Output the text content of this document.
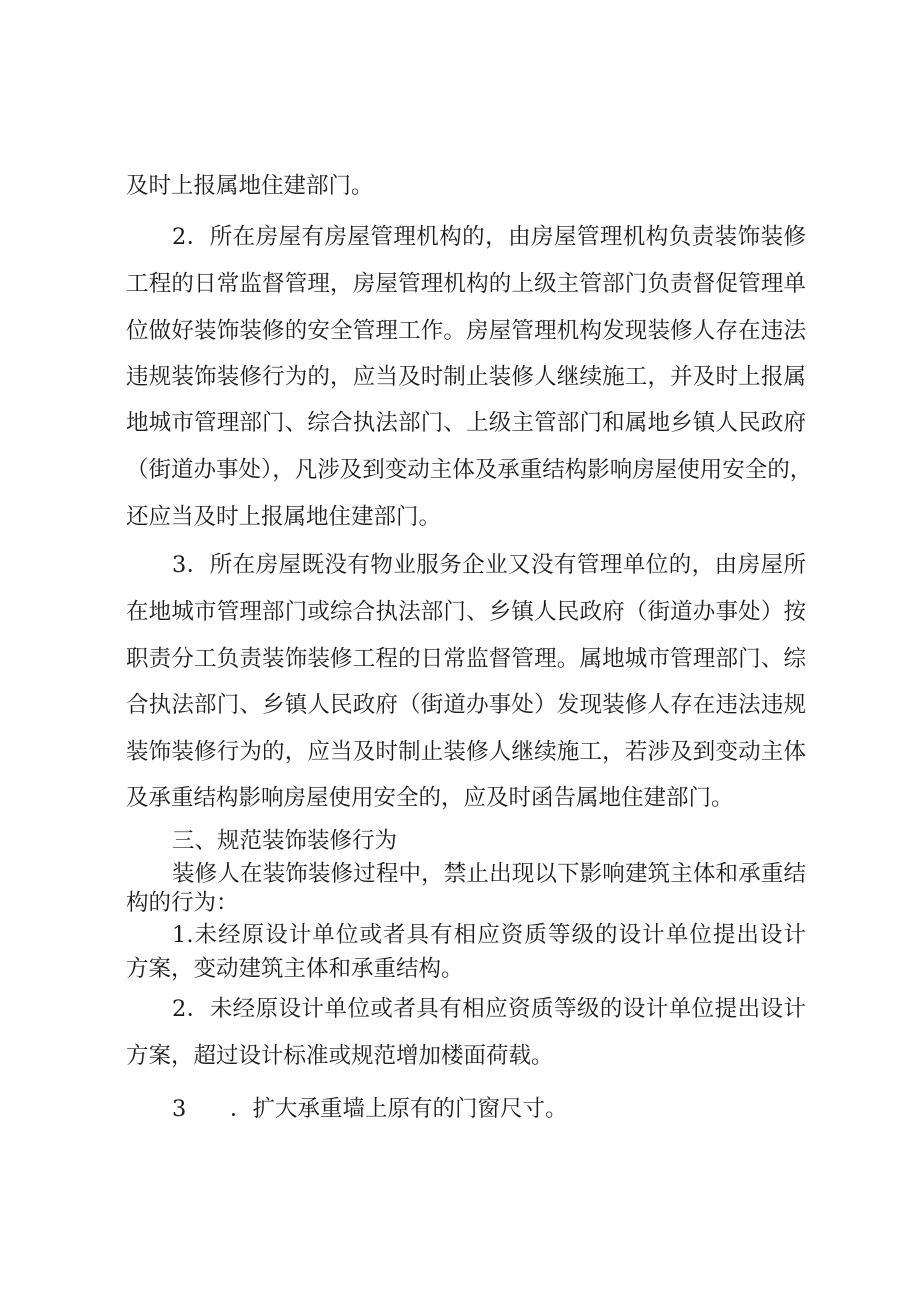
及时上报属地住建部门。

2．所在房屋有房屋管理机构的，由房屋管理机构负责装饰装修

工程的日常监督管理，房屋管理机构的上级主管部门负责督促管理单

位做好装饰装修的安全管理工作。房屋管理机构发现装修人存在违法

违规装饰装修行为的，应当及时制止装修人继续施工，并及时上报属

地城市管理部门、综合执法部门、上级主管部门和属地乡镇人民政府

（街道办事处），凡涉及到变动主体及承重结构影响房屋使用安全的，

还应当及时上报属地住建部门。

3．所在房屋既没有物业服务企业又没有管理单位的，由房屋所

在地城市管理部门或综合执法部门、乡镇人民政府（街道办事处）按

职责分工负责装饰装修工程的日常监督管理。属地城市管理部门、综

合执法部门、乡镇人民政府（街道办事处）发现装修人存在违法违规

装饰装修行为的，应当及时制止装修人继续施工，若涉及到变动主体

及承重结构影响房屋使用安全的，应及时函告属地住建部门。

三、规范装饰装修行为

装修人在装饰装修过程中，禁止出现以下影响建筑主体和承重结

构的行为：

1.未经原设计单位或者具有相应资质等级的设计单位提出设计

方案，变动建筑主体和承重结构。

2．未经原设计单位或者具有相应资质等级的设计单位提出设计

方案，超过设计标准或规范增加楼面荷载。

3 ．扩大承重墙上原有的门窗尺寸。
